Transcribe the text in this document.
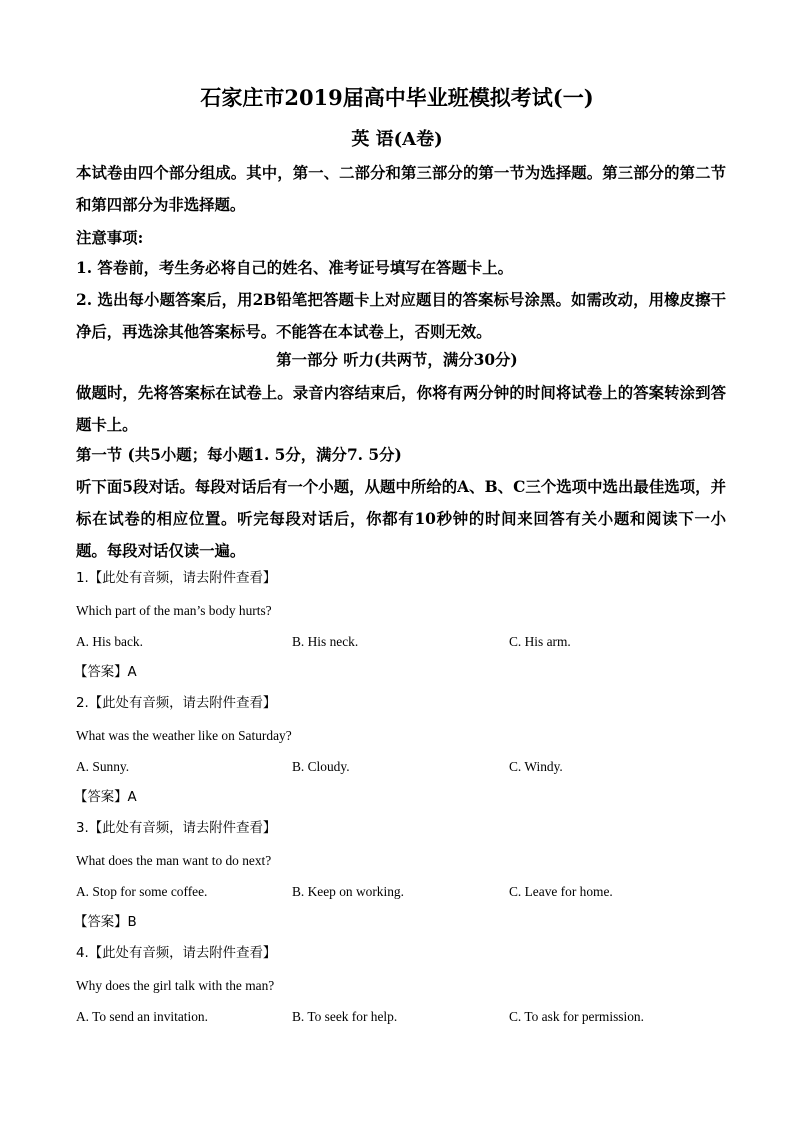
石家庄市2019届高中毕业班模拟考试(一)
英 语(A卷)
本试卷由四个部分组成。其中，第一、二部分和第三部分的第一节为选择题。第三部分的第二节和第四部分为非选择题。
注意事项:
1. 答卷前，考生务必将自己的姓名、准考证号填写在答题卡上。
2. 选出每小题答案后，用2B铅笔把答题卡上对应题目的答案标号涂黑。如需改动，用橡皮擦干净后，再选涂其他答案标号。不能答在本试卷上，否则无效。
第一部分 听力(共两节，满分30分)
做题时，先将答案标在试卷上。录音内容结束后，你将有两分钟的时间将试卷上的答案转涂到答题卡上。
第一节 (共5小题；每小题1. 5分，满分7. 5分)
听下面5段对话。每段对话后有一个小题，从题中所给的A、B、C三个选项中选出最佳选项，并标在试卷的相应位置。听完每段对话后，你都有10秒钟的时间来回答有关小题和阅读下一小题。每段对话仅读一遍。
1.【此处有音频，请去附件查看】
Which part of the man’s body hurts?
A. His back.	B. His neck.	C. His arm.
【答案】A
2.【此处有音频，请去附件查看】
What was the weather like on Saturday?
A. Sunny.	B. Cloudy.	C. Windy.
【答案】A
3.【此处有音频，请去附件查看】
What does the man want to do next?
A. Stop for some coffee.	B. Keep on working.	C. Leave for home.
【答案】B
4.【此处有音频，请去附件查看】
Why does the girl talk with the man?
A. To send an invitation.	B. To seek for help.	C. To ask for permission.
